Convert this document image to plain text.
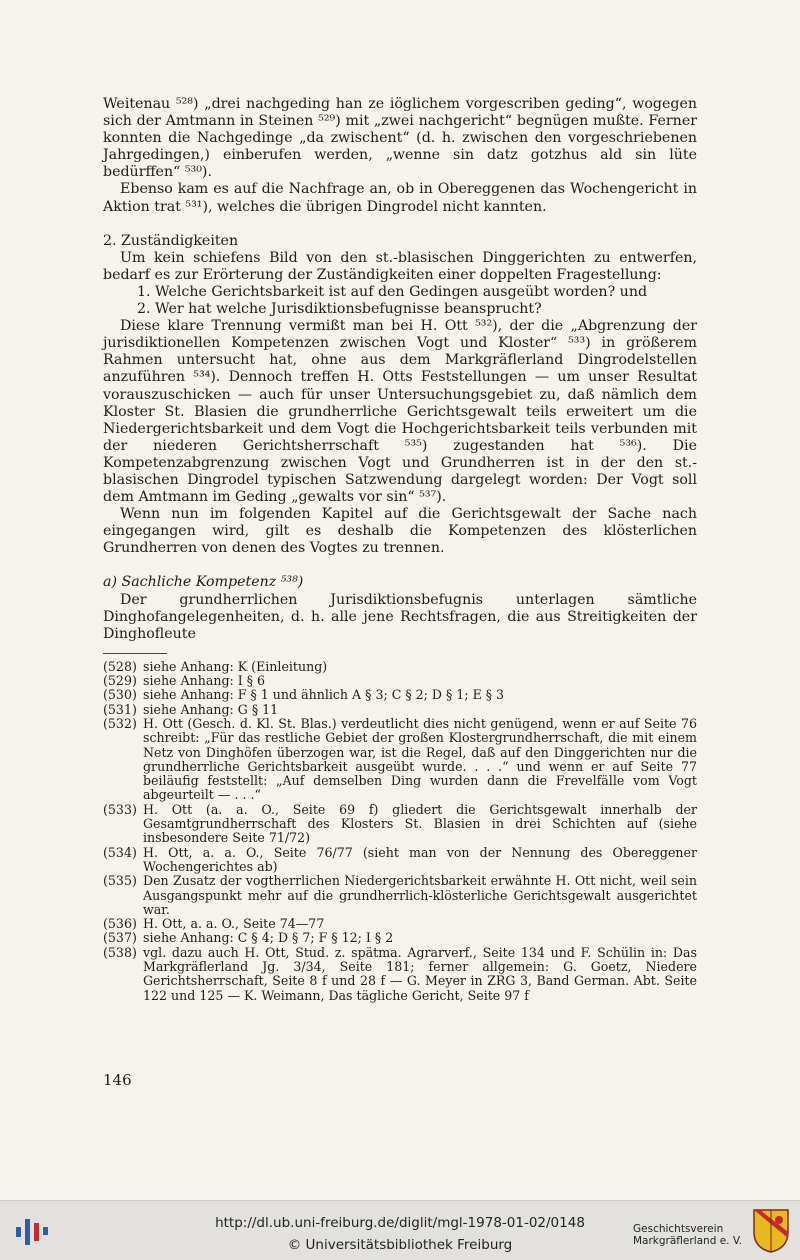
Weitenau ⁵²⁸) „drei nachgeding han ze iöglichem vorgescriben geding“, wogegen sich der Amtmann in Steinen ⁵²⁹) mit „zwei nachgericht“ begnügen mußte. Ferner konnten die Nachgedinge „da zwischent“ (d. h. zwischen den vorgeschriebenen Jahrgedingen,) einberufen werden, „wenne sin datz gotzhus ald sin lüte bedürffen“ ⁵³⁰).

Ebenso kam es auf die Nachfrage an, ob in Obereggenen das Wochengericht in Aktion trat ⁵³¹), welches die übrigen Dingrodel nicht kannten.

2. Zuständigkeiten

Um kein schiefens Bild von den st.-blasischen Dinggerichten zu entwerfen, bedarf es zur Erörterung der Zuständigkeiten einer doppelten Fragestellung:

1. Welche Gerichtsbarkeit ist auf den Gedingen ausgeübt worden? und

2. Wer hat welche Jurisdiktionsbefugnisse beansprucht?

Diese klare Trennung vermißt man bei H. Ott ⁵³²), der die „Abgrenzung der jurisdiktionellen Kompetenzen zwischen Vogt und Kloster“ ⁵³³) in größerem Rahmen untersucht hat, ohne aus dem Markgräflerland Dingrodelstellen anzuführen ⁵³⁴). Dennoch treffen H. Otts Feststellungen — um unser Resultat vorauszuschicken — auch für unser Untersuchungsgebiet zu, daß nämlich dem Kloster St. Blasien die grundherrliche Gerichtsgewalt teils erweitert um die Niedergerichtsbarkeit und dem Vogt die Hochgerichtsbarkeit teils verbunden mit der niederen Gerichtsherrschaft ⁵³⁵) zugestanden hat ⁵³⁶). Die Kompetenzabgrenzung zwischen Vogt und Grundherren ist in der den st.-blasischen Dingrodel typischen Satzwendung dargelegt worden: Der Vogt soll dem Amtmann im Geding „gewalts vor sin“ ⁵³⁷).

Wenn nun im folgenden Kapitel auf die Gerichtsgewalt der Sache nach eingegangen wird, gilt es deshalb die Kompetenzen des klösterlichen Grundherren von denen des Vogtes zu trennen.

a) Sachliche Kompetenz ⁵³⁸)

Der grundherrlichen Jurisdiktionsbefugnis unterlagen sämtliche Dinghofangelegenheiten, d. h. alle jene Rechtsfragen, die aus Streitigkeiten der Dinghofleute

(528) siehe Anhang: K (Einleitung)
(529) siehe Anhang: I § 6
(530) siehe Anhang: F § 1 und ähnlich A § 3; C § 2; D § 1; E § 3
(531) siehe Anhang: G § 11
(532) H. Ott (Gesch. d. Kl. St. Blas.) verdeutlicht dies nicht genügend, wenn er auf Seite 76 schreibt: „Für das restliche Gebiet der großen Klostergrundherrschaft, die mit einem Netz von Dinghöfen überzogen war, ist die Regel, daß auf den Dinggerichten nur die grundherrliche Gerichtsbarkeit ausgeübt wurde. . . .“ und wenn er auf Seite 77 beiläufig feststellt: „Auf demselben Ding wurden dann die Frevelfälle vom Vogt abgeurteilt — . . .“
(533) H. Ott (a. a. O., Seite 69 f) gliedert die Gerichtsgewalt innerhalb der Gesamtgrundherrschaft des Klosters St. Blasien in drei Schichten auf (siehe insbesondere Seite 71/72)
(534) H. Ott, a. a. O., Seite 76/77 (sieht man von der Nennung des Obereggener Wochengerichtes ab)
(535) Den Zusatz der vogtherrlichen Niedergerichtsbarkeit erwähnte H. Ott nicht, weil sein Ausgangspunkt mehr auf die grundherrlich-klösterliche Gerichtsgewalt ausgerichtet war.
(536) H. Ott, a. a. O., Seite 74—77
(537) siehe Anhang: C § 4; D § 7; F § 12; I § 2
(538) vgl. dazu auch H. Ott, Stud. z. spätma. Agrarverf., Seite 134 und F. Schülin in: Das Markgräflerland Jg. 3/34, Seite 181; ferner allgemein: G. Goetz, Niedere Gerichtsherrschaft, Seite 8 f und 28 f — G. Meyer in ZRG 3, Band German. Abt. Seite 122 und 125 — K. Weimann, Das tägliche Gericht, Seite 97 f
146
http://dl.ub.uni-freiburg.de/diglit/mgl-1978-01-02/0148
© Universitätsbibliothek Freiburg
Geschichtsverein
Markgräflerland e. V.
